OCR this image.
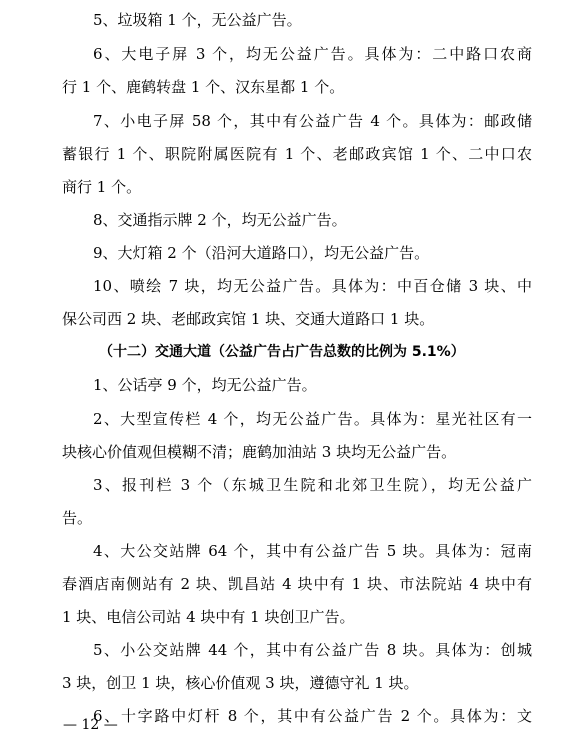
5、垃圾箱 1 个，无公益广告。
6、大电子屏 3 个，均无公益广告。具体为：二中路口农商
行 1 个、鹿鹤转盘 1 个、汉东星都 1 个。
7、小电子屏 58 个，其中有公益广告 4 个。具体为：邮政储
蓄银行 1 个、职院附属医院有 1 个、老邮政宾馆 1 个、二中口农
商行 1 个。
8、交通指示牌 2 个，均无公益广告。
9、大灯箱 2 个（沿河大道路口），均无公益广告。
10、喷绘 7 块，均无公益广告。具体为：中百仓储 3 块、中
保公司西 2 块、老邮政宾馆 1 块、交通大道路口 1 块。
（十二）交通大道（公益广告占广告总数的比例为 5.1%）
1、公话亭 9 个，均无公益广告。
2、大型宣传栏 4 个，均无公益广告。具体为：星光社区有一
块核心价值观但模糊不清；鹿鹤加油站 3 块均无公益广告。
3、报刊栏 3 个（东城卫生院和北郊卫生院），均无公益广
告。
4、大公交站牌 64 个，其中有公益广告 5 块。具体为：冠南
春酒店南侧站有 2 块、凯昌站 4 块中有 1 块、市法院站 4 块中有
1 块、电信公司站 4 块中有 1 块创卫广告。
5、小公交站牌 44 个，其中有公益广告 8 块。具体为：创城
3 块，创卫 1 块，核心价值观 3 块，遵德守礼 1 块。
6、十字路中灯杆 8 个，其中有公益广告 2 个。具体为：文
— 12 —
